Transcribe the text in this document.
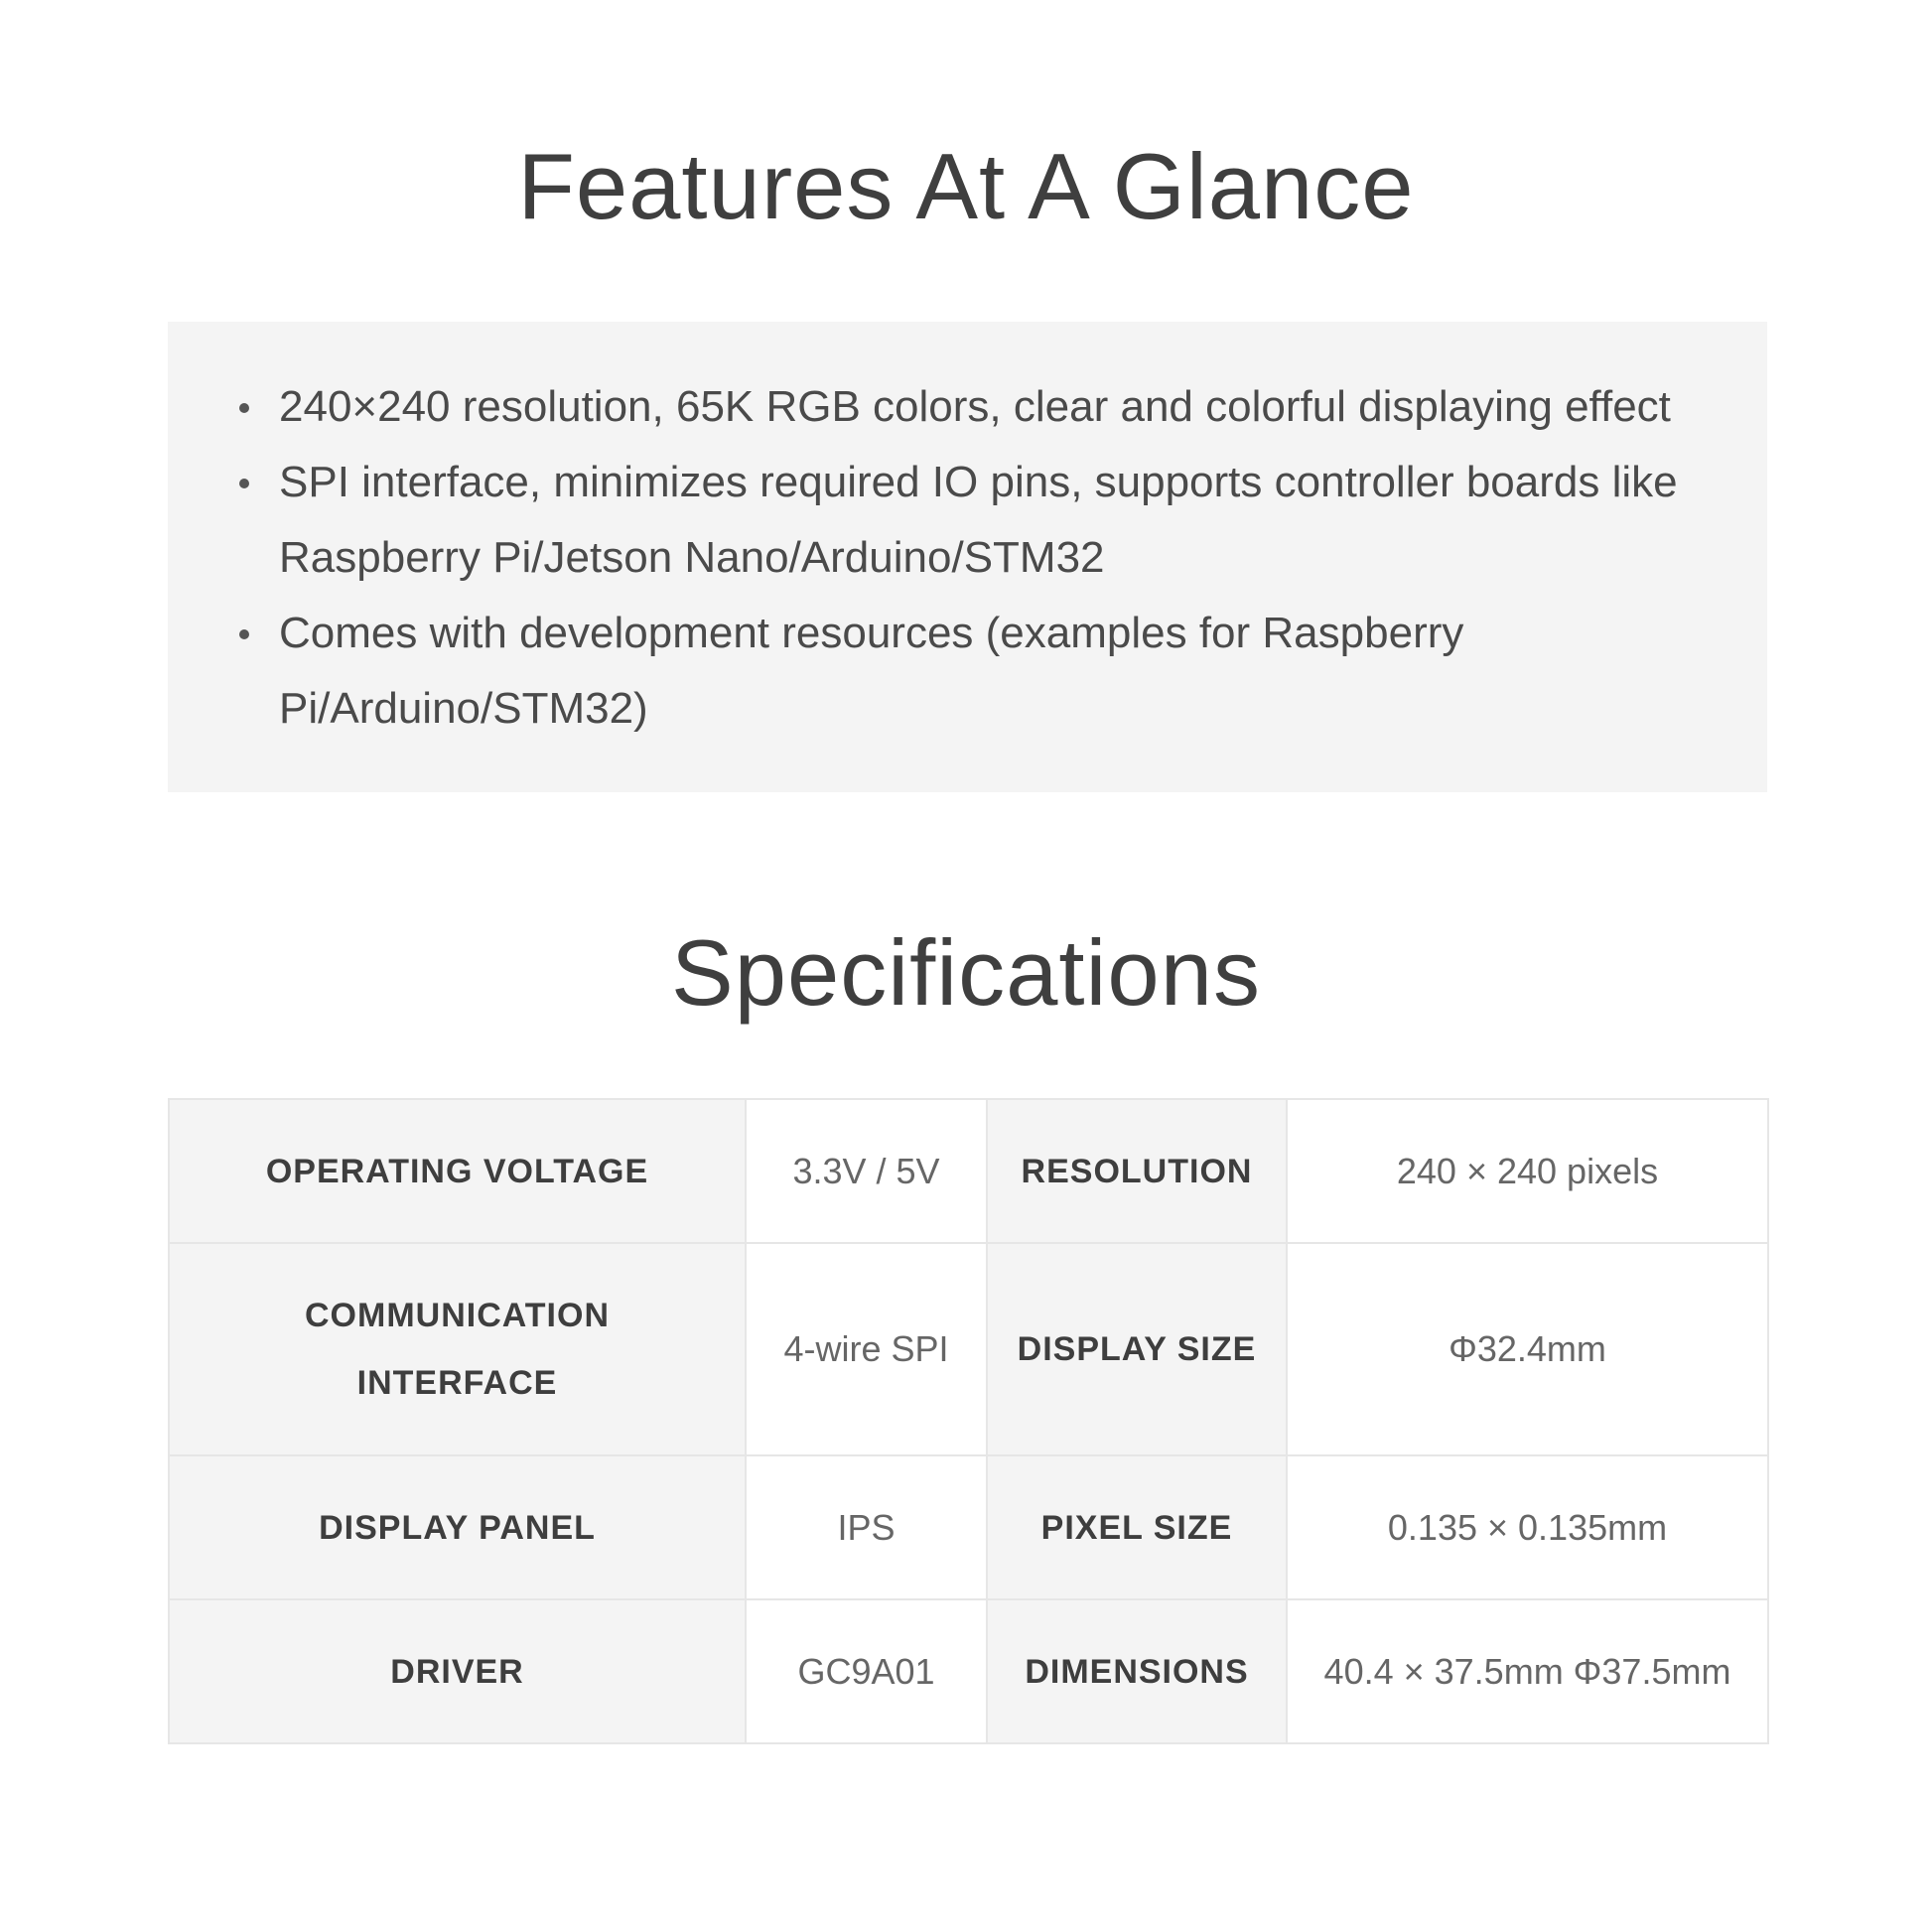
Features At A Glance
240×240 resolution, 65K RGB colors, clear and colorful displaying effect
SPI interface, minimizes required IO pins, supports controller boards like Raspberry Pi/Jetson Nano/Arduino/STM32
Comes with development resources (examples for Raspberry Pi/Arduino/STM32)
Specifications
OPERATING VOLTAGE	3.3V / 5V	RESOLUTION	240 × 240 pixels
COMMUNICATION INTERFACE	4-wire SPI	DISPLAY SIZE	Φ32.4mm
DISPLAY PANEL	IPS	PIXEL SIZE	0.135 × 0.135mm
DRIVER	GC9A01	DIMENSIONS	40.4 × 37.5mm Φ37.5mm
